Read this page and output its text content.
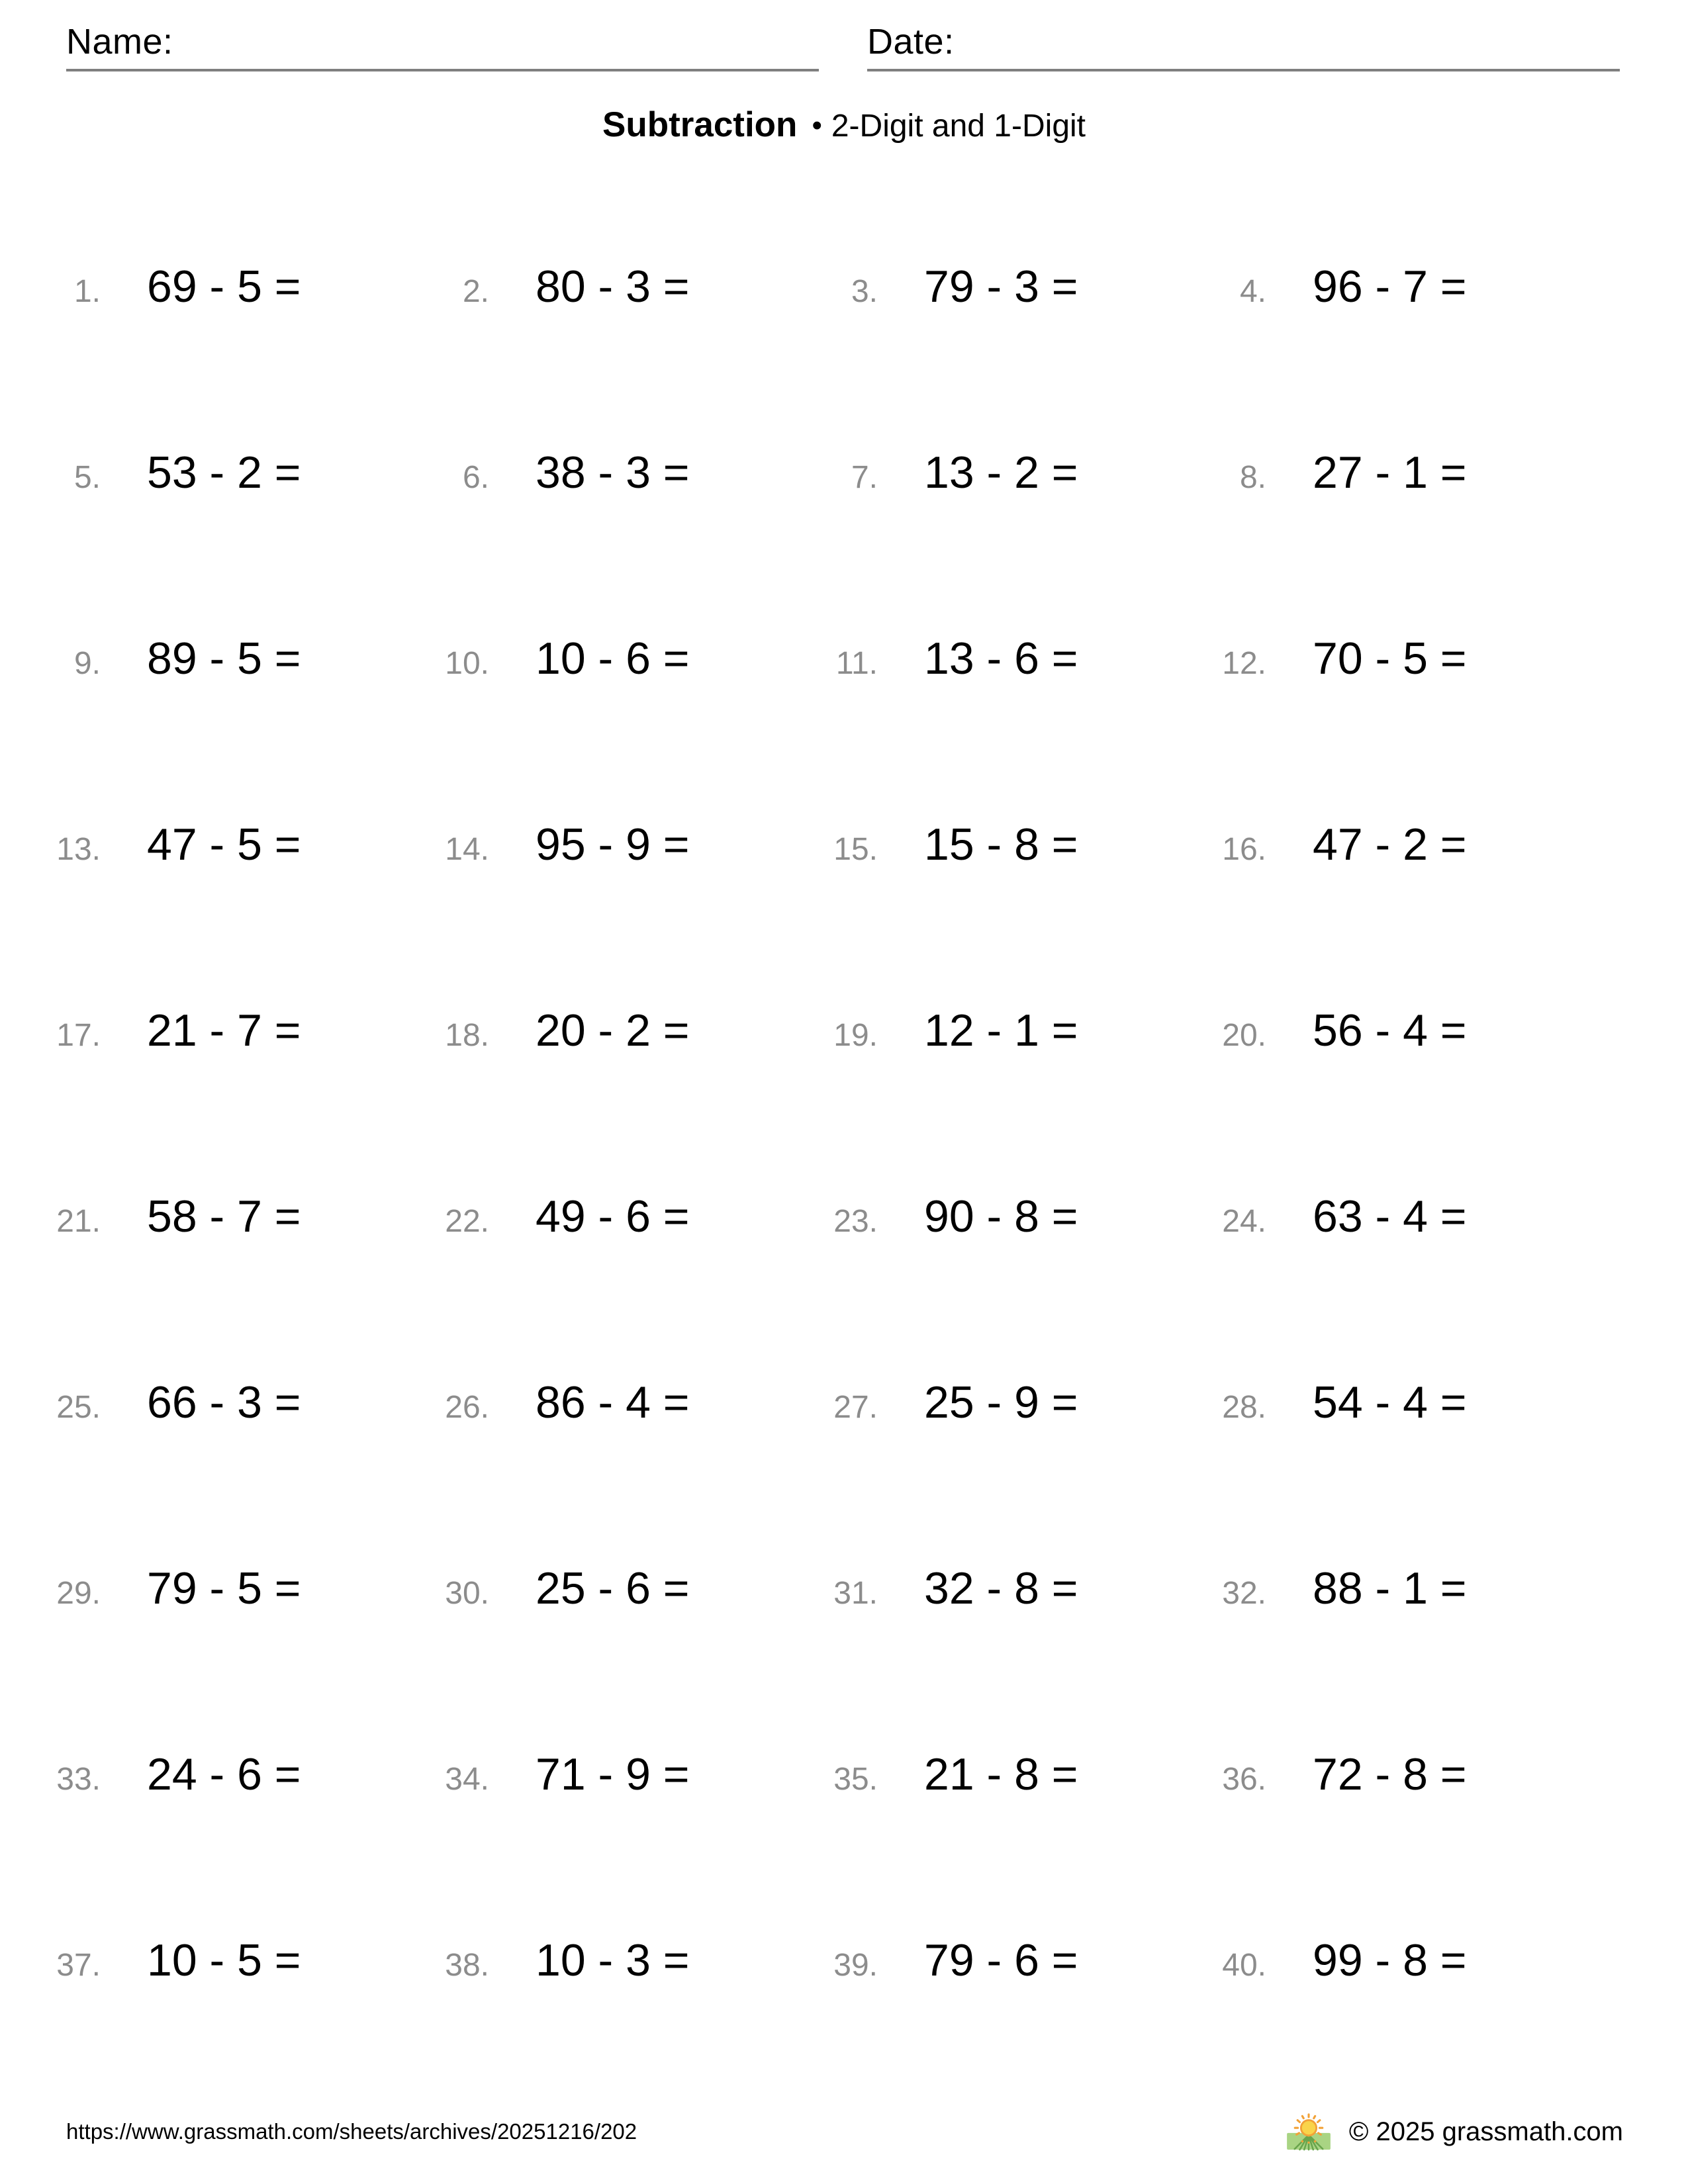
Name:	Date:
Subtraction • 2-Digit and 1-Digit
1. 69 - 5 =	2. 80 - 3 =	3. 79 - 3 =	4. 96 - 7 =
5. 53 - 2 =	6. 38 - 3 =	7. 13 - 2 =	8. 27 - 1 =
9. 89 - 5 =	10. 10 - 6 =	11. 13 - 6 =	12. 70 - 5 =
13. 47 - 5 =	14. 95 - 9 =	15. 15 - 8 =	16. 47 - 2 =
17. 21 - 7 =	18. 20 - 2 =	19. 12 - 1 =	20. 56 - 4 =
21. 58 - 7 =	22. 49 - 6 =	23. 90 - 8 =	24. 63 - 4 =
25. 66 - 3 =	26. 86 - 4 =	27. 25 - 9 =	28. 54 - 4 =
29. 79 - 5 =	30. 25 - 6 =	31. 32 - 8 =	32. 88 - 1 =
33. 24 - 6 =	34. 71 - 9 =	35. 21 - 8 =	36. 72 - 8 =
37. 10 - 5 =	38. 10 - 3 =	39. 79 - 6 =	40. 99 - 8 =
https://www.grassmath.com/sheets/archives/20251216/202	© 2025 grassmath.com
